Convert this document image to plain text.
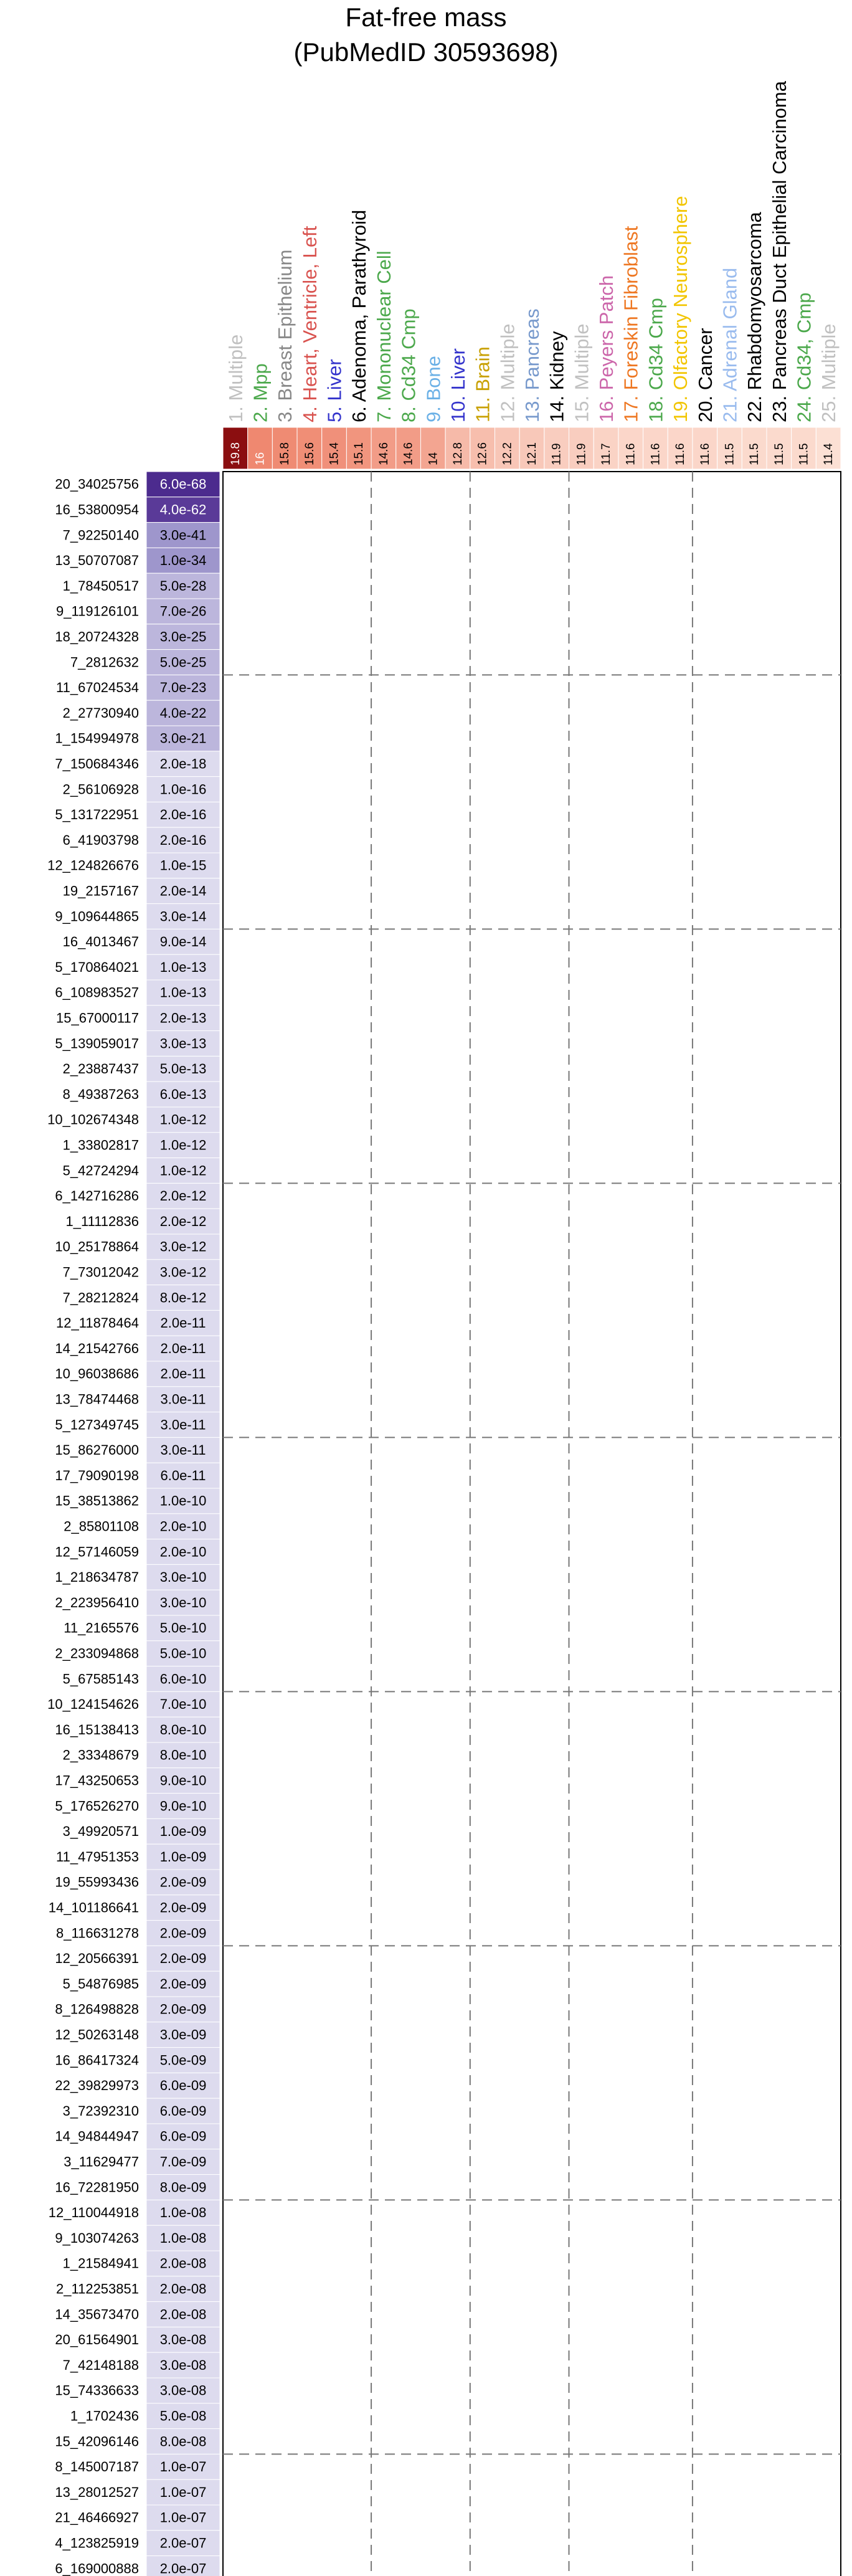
Fat-free mass
(PubMedID 30593698)
19.8
1. Multiple
16
2. Mpp
15.8
3. Breast Epithelium
15.6
4. Heart, Ventricle, Left
15.4
5. Liver
15.1
6. Adenoma, Parathyroid
14.6
7. Mononuclear Cell
14.6
8. Cd34 Cmp
14
9. Bone
12.8
10. Liver
12.6
11. Brain
12.2
12. Multiple
12.1
13. Pancreas
11.9
14. Kidney
11.9
15. Multiple
11.7
16. Peyers Patch
11.6
17. Foreskin Fibroblast
11.6
18. Cd34 Cmp
11.6
19. Olfactory Neurosphere
11.6
20. Cancer
11.5
21. Adrenal Gland
11.5
22. Rhabdomyosarcoma
11.5
23. Pancreas Duct Epithelial Carcinoma
11.5
24. Cd34, Cmp
11.4
25. Multiple
6.0e-68
20_34025756
4.0e-62
16_53800954
3.0e-41
7_92250140
1.0e-34
13_50707087
5.0e-28
1_78450517
7.0e-26
9_119126101
3.0e-25
18_20724328
5.0e-25
7_2812632
7.0e-23
11_67024534
4.0e-22
2_27730940
3.0e-21
1_154994978
2.0e-18
7_150684346
1.0e-16
2_56106928
2.0e-16
5_131722951
2.0e-16
6_41903798
1.0e-15
12_124826676
2.0e-14
19_2157167
3.0e-14
9_109644865
9.0e-14
16_4013467
1.0e-13
5_170864021
1.0e-13
6_108983527
2.0e-13
15_67000117
3.0e-13
5_139059017
5.0e-13
2_23887437
6.0e-13
8_49387263
1.0e-12
10_102674348
1.0e-12
1_33802817
1.0e-12
5_42724294
2.0e-12
6_142716286
2.0e-12
1_11112836
3.0e-12
10_25178864
3.0e-12
7_73012042
8.0e-12
7_28212824
2.0e-11
12_11878464
2.0e-11
14_21542766
2.0e-11
10_96038686
3.0e-11
13_78474468
3.0e-11
5_127349745
3.0e-11
15_86276000
6.0e-11
17_79090198
1.0e-10
15_38513862
2.0e-10
2_85801108
2.0e-10
12_57146059
3.0e-10
1_218634787
3.0e-10
2_223956410
5.0e-10
11_2165576
5.0e-10
2_233094868
6.0e-10
5_67585143
7.0e-10
10_124154626
8.0e-10
16_15138413
8.0e-10
2_33348679
9.0e-10
17_43250653
9.0e-10
5_176526270
1.0e-09
3_49920571
1.0e-09
11_47951353
2.0e-09
19_55993436
2.0e-09
14_101186641
2.0e-09
8_116631278
2.0e-09
12_20566391
2.0e-09
5_54876985
2.0e-09
8_126498828
3.0e-09
12_50263148
5.0e-09
16_86417324
6.0e-09
22_39829973
6.0e-09
3_72392310
6.0e-09
14_94844947
7.0e-09
3_11629477
8.0e-09
16_72281950
1.0e-08
12_110044918
1.0e-08
9_103074263
2.0e-08
1_21584941
2.0e-08
2_112253851
2.0e-08
14_35673470
3.0e-08
20_61564901
3.0e-08
7_42148188
3.0e-08
15_74336633
5.0e-08
1_1702436
8.0e-08
15_42096146
1.0e-07
8_145007187
1.0e-07
13_28012527
1.0e-07
21_46466927
2.0e-07
4_123825919
2.0e-07
6_169000888
